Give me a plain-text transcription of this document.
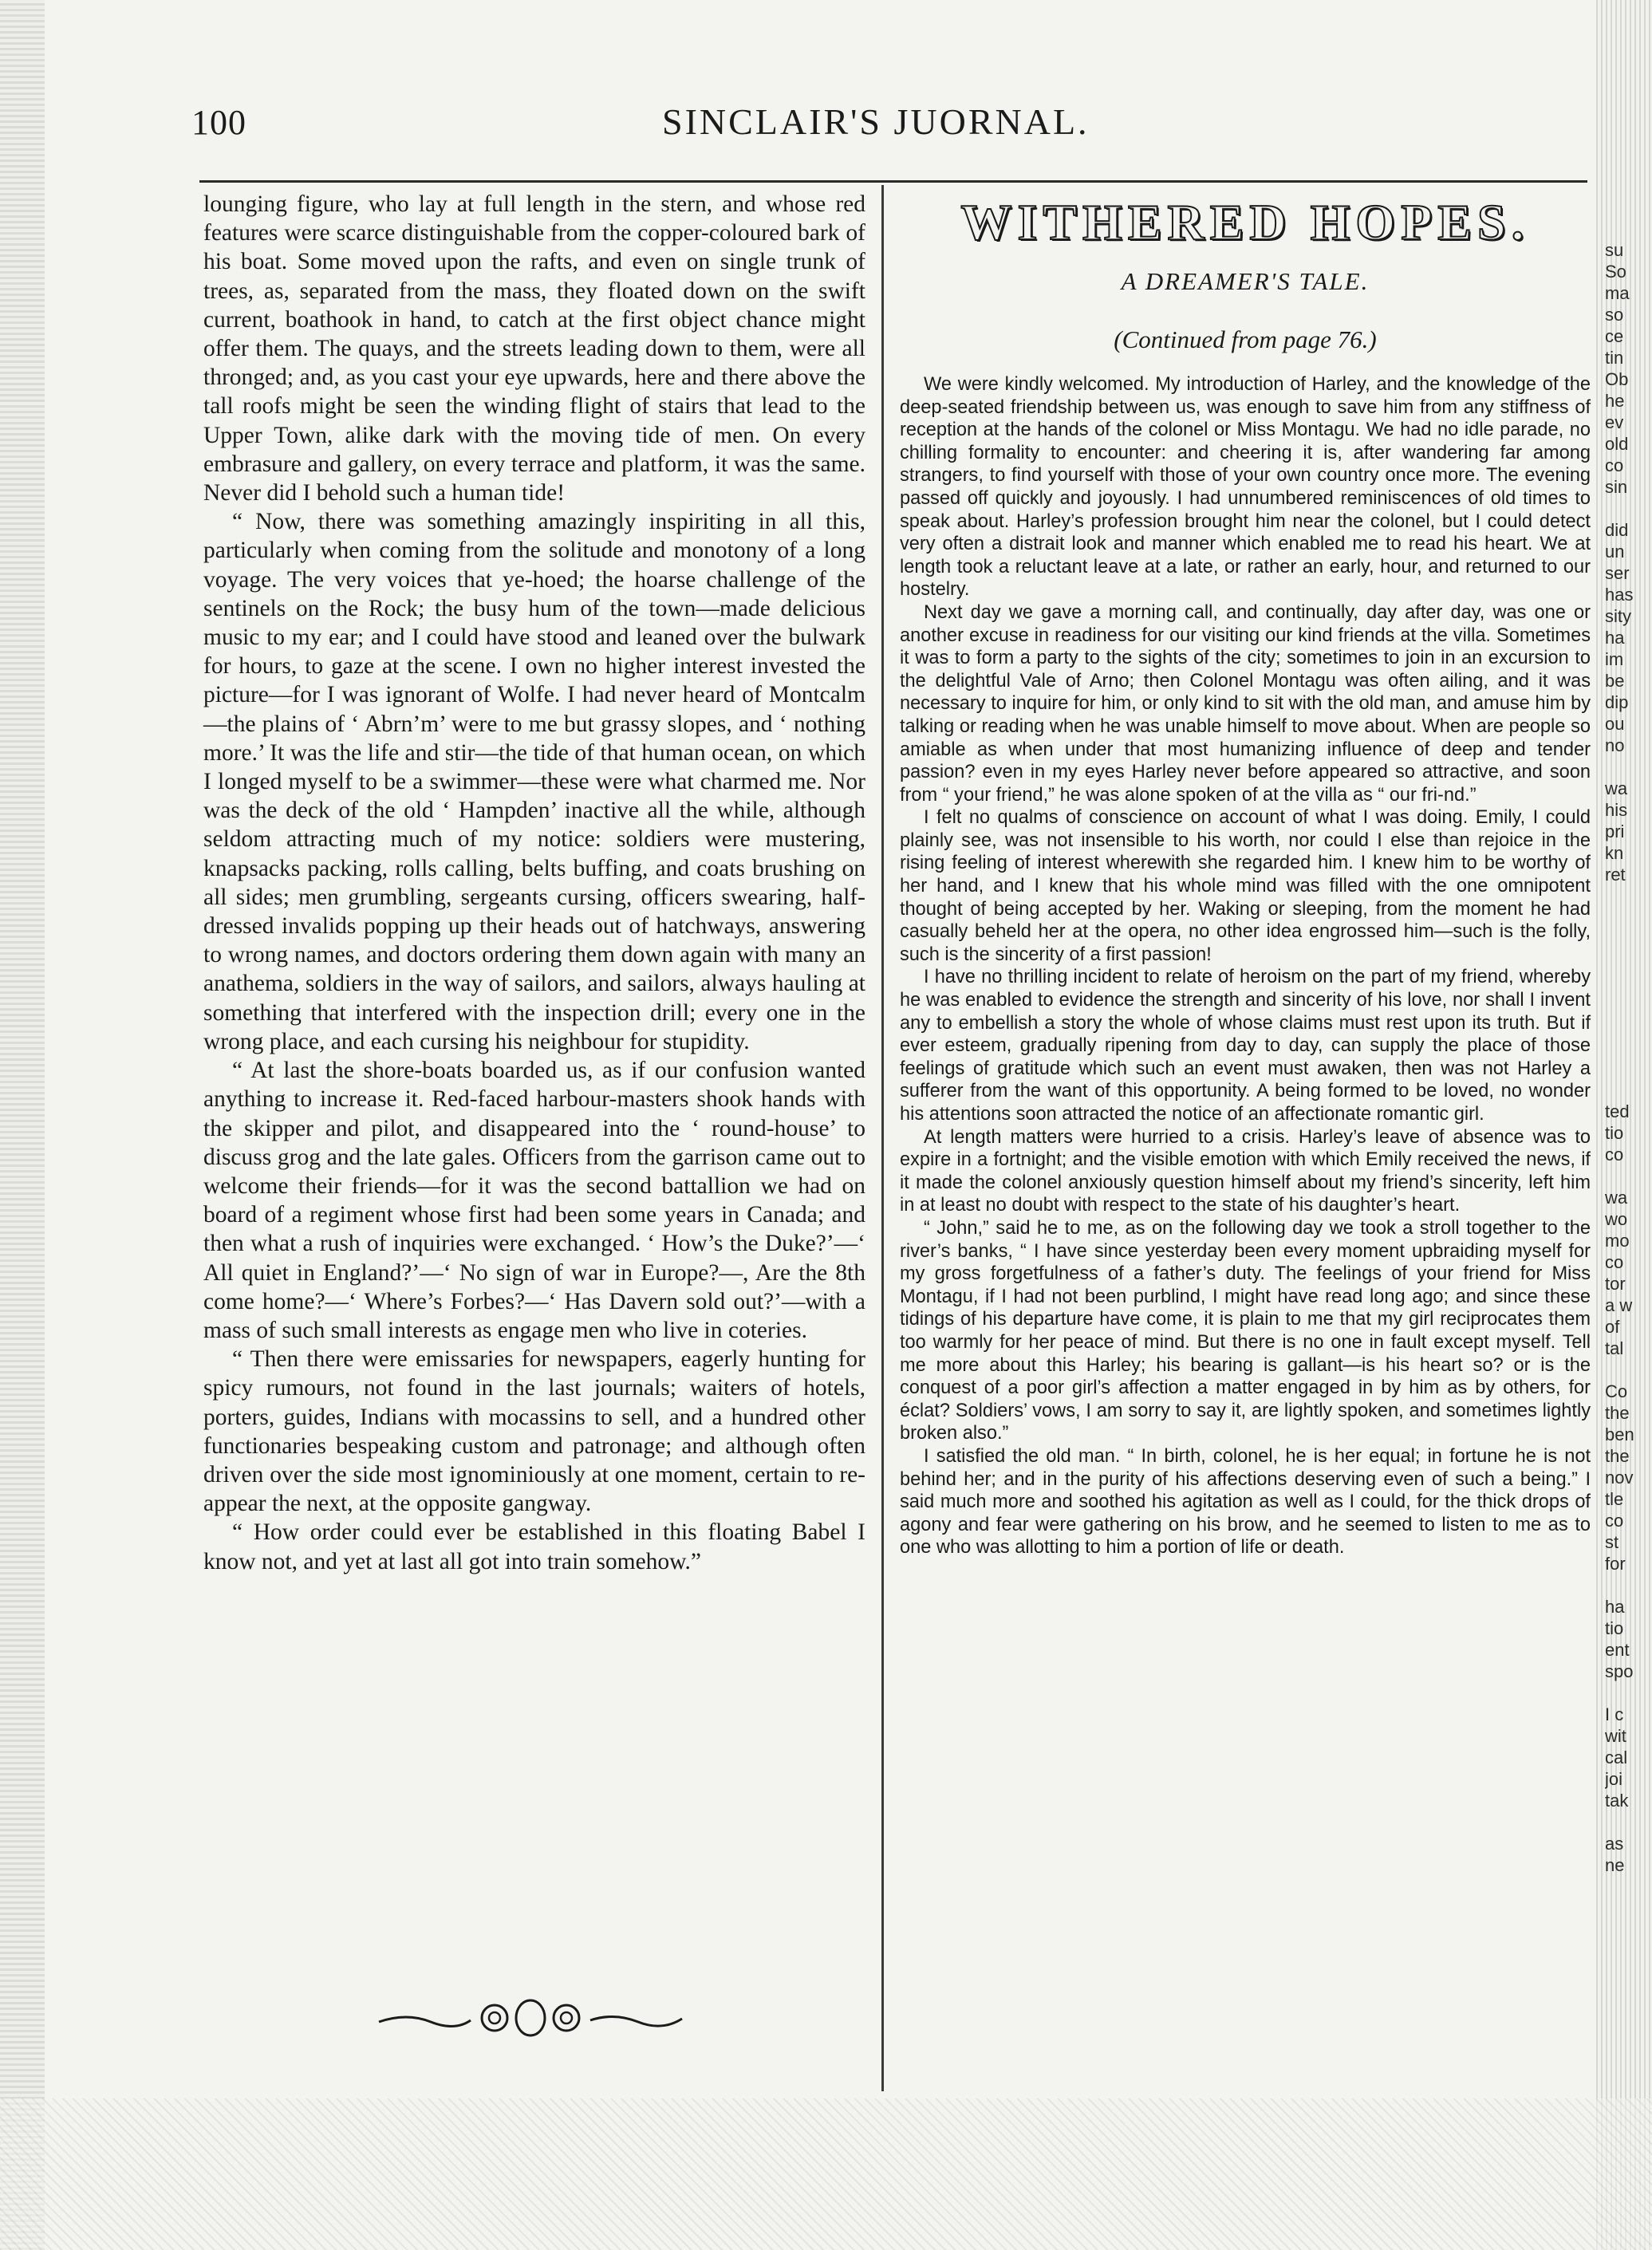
100	SINCLAIR'S JUORNAL.

lounging figure, who lay at full length in the stern, and whose red features were scarce distinguishable from the copper-coloured bark of his boat. Some moved upon the rafts, and even on single trunk of trees, as, separated from the mass, they floated down on the swift current, boathook in hand, to catch at the first object chance might offer them. The quays, and the streets leading down to them, were all thronged; and, as you cast your eye upwards, here and there above the tall roofs might be seen the winding flight of stairs that lead to the Upper Town, alike dark with the moving tide of men. On every embrasure and gallery, on every terrace and platform, it was the same. Never did I behold such a human tide!

“ Now, there was something amazingly inspiriting in all this, particularly when coming from the solitude and monotony of a long voyage. The very voices that ye-hoed; the hoarse challenge of the sentinels on the Rock; the busy hum of the town—made delicious music to my ear; and I could have stood and leaned over the bulwark for hours, to gaze at the scene. I own no higher interest invested the picture—for I was ignorant of Wolfe. I had never heard of Montcalm—the plains of ‘ Abrn’m’ were to me but grassy slopes, and ‘ nothing more.’ It was the life and stir—the tide of that human ocean, on which I longed myself to be a swimmer—these were what charmed me. Nor was the deck of the old ‘ Hampden’ inactive all the while, although seldom attracting much of my notice: soldiers were mustering, knapsacks packing, rolls calling, belts buffing, and coats brushing on all sides; men grumbling, sergeants cursing, officers swearing, half-dressed invalids popping up their heads out of hatchways, answering to wrong names, and doctors ordering them down again with many an anathema, soldiers in the way of sailors, and sailors, always hauling at something that interfered with the inspection drill; every one in the wrong place, and each cursing his neighbour for stupidity.

“ At last the shore-boats boarded us, as if our confusion wanted anything to increase it. Red-faced harbour-masters shook hands with the skipper and pilot, and disappeared into the ‘ round-house’ to discuss grog and the late gales. Officers from the garrison came out to welcome their friends—for it was the second battallion we had on board of a regiment whose first had been some years in Canada; and then what a rush of inquiries were exchanged. ‘ How’s the Duke?’—‘ All quiet in England?’—‘ No sign of war in Europe?—, Are the 8th come home?—‘ Where’s Forbes?—‘ Has Davern sold out?’—with a mass of such small interests as engage men who live in coteries.

“ Then there were emissaries for newspapers, eagerly hunting for spicy rumours, not found in the last journals; waiters of hotels, porters, guides, Indians with mocassins to sell, and a hundred other functionaries bespeaking custom and patronage; and although often driven over the side most ignominiously at one moment, certain to re-appear the next, at the opposite gangway.

“ How order could ever be established in this floating Babel I know not, and yet at last all got into train somehow.”

WITHERED HOPES.
A DREAMER'S TALE.
(Continued from page 76.)

We were kindly welcomed. My introduction of Harley, and the knowledge of the deep-seated friendship between us, was enough to save him from any stiffness of reception at the hands of the colonel or Miss Montagu. We had no idle parade, no chilling formality to encounter: and cheering it is, after wandering far among strangers, to find yourself with those of your own country once more. The evening passed off quickly and joyously. I had unnumbered reminiscences of old times to speak about. Harley’s profession brought him near the colonel, but I could detect very often a distrait look and manner which enabled me to read his heart. We at length took a reluctant leave at a late, or rather an early, hour, and returned to our hostelry.

Next day we gave a morning call, and continually, day after day, was one or another excuse in readiness for our visiting our kind friends at the villa. Sometimes it was to form a party to the sights of the city; sometimes to join in an excursion to the delightful Vale of Arno; then Colonel Montagu was often ailing, and it was necessary to inquire for him, or only kind to sit with the old man, and amuse him by talking or reading when he was unable himself to move about. When are people so amiable as when under that most humanizing influence of deep and tender passion? even in my eyes Harley never before appeared so attractive, and soon from “ your friend,” he was alone spoken of at the villa as “ our fri-nd.”

I felt no qualms of conscience on account of what I was doing. Emily, I could plainly see, was not insensible to his worth, nor could I else than rejoice in the rising feeling of interest wherewith she regarded him. I knew him to be worthy of her hand, and I knew that his whole mind was filled with the one omnipotent thought of being accepted by her. Waking or sleeping, from the moment he had casually beheld her at the opera, no other idea engrossed him—such is the folly, such is the sincerity of a first passion!

I have no thrilling incident to relate of heroism on the part of my friend, whereby he was enabled to evidence the strength and sincerity of his love, nor shall I invent any to embellish a story the whole of whose claims must rest upon its truth. But if ever esteem, gradually ripening from day to day, can supply the place of those feelings of gratitude which such an event must awaken, then was not Harley a sufferer from the want of this opportunity. A being formed to be loved, no wonder his attentions soon attracted the notice of an affectionate romantic girl.

At length matters were hurried to a crisis. Harley’s leave of absence was to expire in a fortnight; and the visible emotion with which Emily received the news, if it made the colonel anxiously question himself about my friend’s sincerity, left him in at least no doubt with respect to the state of his daughter’s heart.

“ John,” said he to me, as on the following day we took a stroll together to the river’s banks, “ I have since yesterday been every moment upbraiding myself for my gross forgetfulness of a father’s duty. The feelings of your friend for Miss Montagu, if I had not been purblind, I might have read long ago; and since these tidings of his departure have come, it is plain to me that my girl reciprocates them too warmly for her peace of mind. But there is no one in fault except myself. Tell me more about this Harley; his bearing is gallant—is his heart so? or is the conquest of a poor girl’s affection a matter engaged in by him as by others, for éclat? Soldiers’ vows, I am sorry to say it, are lightly spoken, and sometimes lightly broken also.”

I satisfied the old man. “ In birth, colonel, he is her equal; in fortune he is not behind her; and in the purity of his affections deserving even of such a being.” I said much more and soothed his agitation as well as I could, for the thick drops of agony and fear were gathering on his brow, and he seemed to listen to me as to one who was allotting to him a portion of life or death.

su
So
ma
so
ce
tin
Ob
he
ev
old
co
sin

did
un
ser
has
sity
ha
im
be
dip
ou
no

wa
his
pri
kn
ret

ted
tio
co

wa
wo
mo
co
tor
a w
of
tal

Co
the
ben
the
nov
tle
co
st
for

ha
tio
ent
spo

I c
wit
cal
joi
tak

as
ne
